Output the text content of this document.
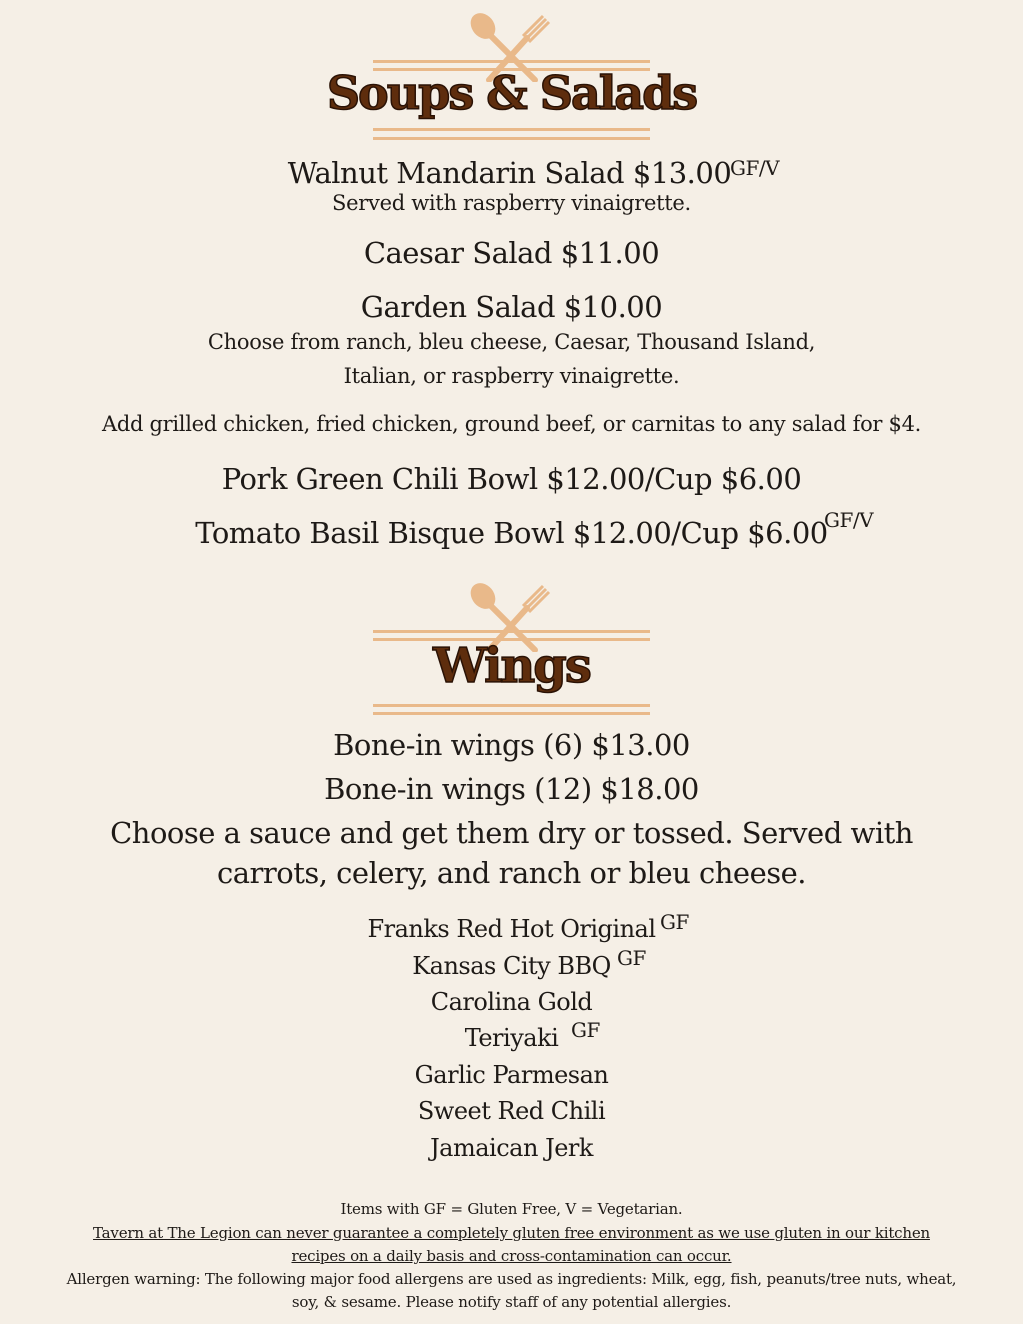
Soups & Salads
Walnut Mandarin Salad $13.00
GF/V
Served with raspberry vinaigrette.
Caesar Salad $11.00
Garden Salad $10.00
Choose from ranch, bleu cheese, Caesar, Thousand Island,
Italian, or raspberry vinaigrette.
Add grilled chicken, fried chicken, ground beef, or carnitas to any salad for $4.
Pork Green Chili Bowl $12.00/Cup $6.00
Tomato Basil Bisque Bowl $12.00/Cup $6.00
GF/V
Wings
Bone-in wings (6) $13.00
Bone-in wings (12) $18.00
Choose a sauce and get them dry or tossed. Served with
carrots, celery, and ranch or bleu cheese.
Franks Red Hot Original GF
Kansas City BBQ GF
Carolina Gold
Teriyaki GF
Garlic Parmesan
Sweet Red Chili
Jamaican Jerk
Items with GF = Gluten Free, V = Vegetarian.
Tavern at The Legion can never guarantee a completely gluten free environment as we use gluten in our kitchen
recipes on a daily basis and cross-contamination can occur.
Allergen warning: The following major food allergens are used as ingredients: Milk, egg, fish, peanuts/tree nuts, wheat,
soy, & sesame. Please notify staff of any potential allergies.
